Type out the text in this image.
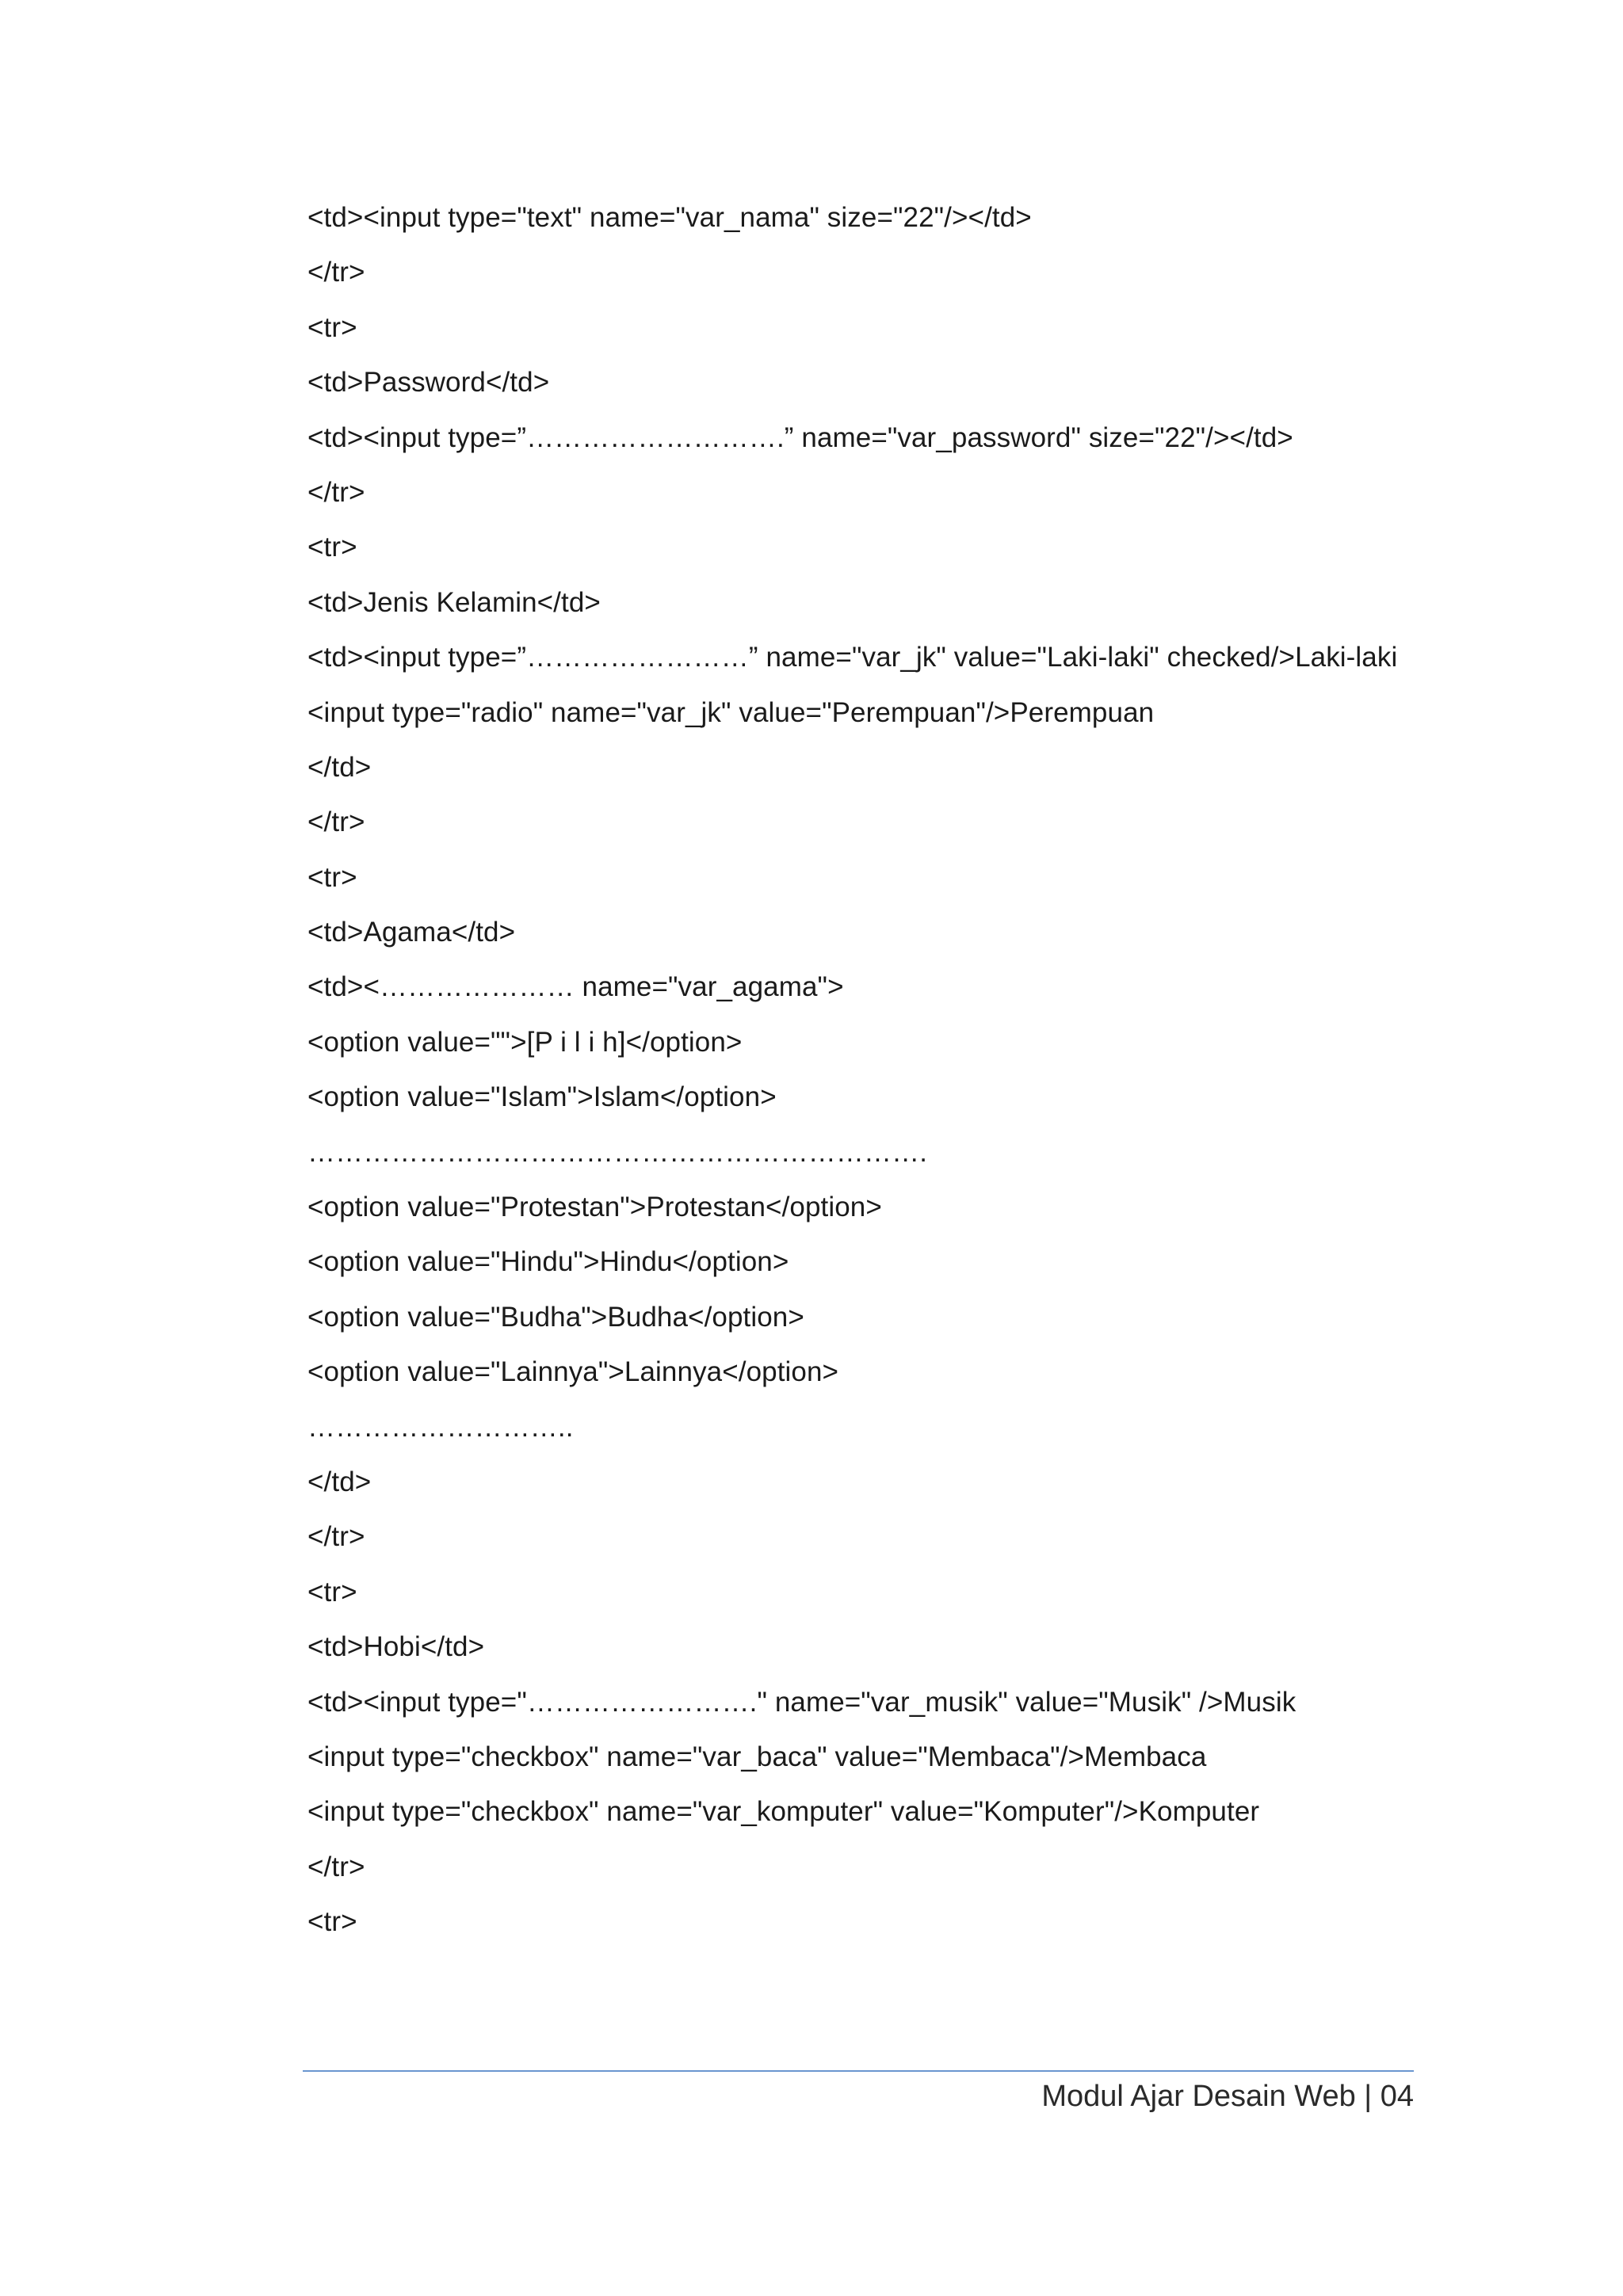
<td><input type="text" name="var_nama" size="22"/></td>
</tr>
<tr>
<td>Password</td>
<td><input type=”……………………….” name="var_password" size="22"/></td>
</tr>
<tr>
<td>Jenis Kelamin</td>
<td><input type=”……………………” name="var_jk" value="Laki-laki" checked/>Laki-laki
<input type="radio" name="var_jk" value="Perempuan"/>Perempuan
</td>
</tr>
<tr>
<td>Agama</td>
<td><………………… name="var_agama">
<option value="">[P i l i h]</option>
<option value="Islam">Islam</option>
………………………………………………………….
<option value="Protestan">Protestan</option>
<option value="Hindu">Hindu</option>
<option value="Budha">Budha</option>
<option value="Lainnya">Lainnya</option>
………………………..
</td>
</tr>
<tr>
<td>Hobi</td>
<td><input type="……………………." name="var_musik" value="Musik" />Musik
<input type="checkbox" name="var_baca" value="Membaca"/>Membaca
<input type="checkbox" name="var_komputer" value="Komputer"/>Komputer
</tr>
<tr>
Modul Ajar Desain Web | 04
